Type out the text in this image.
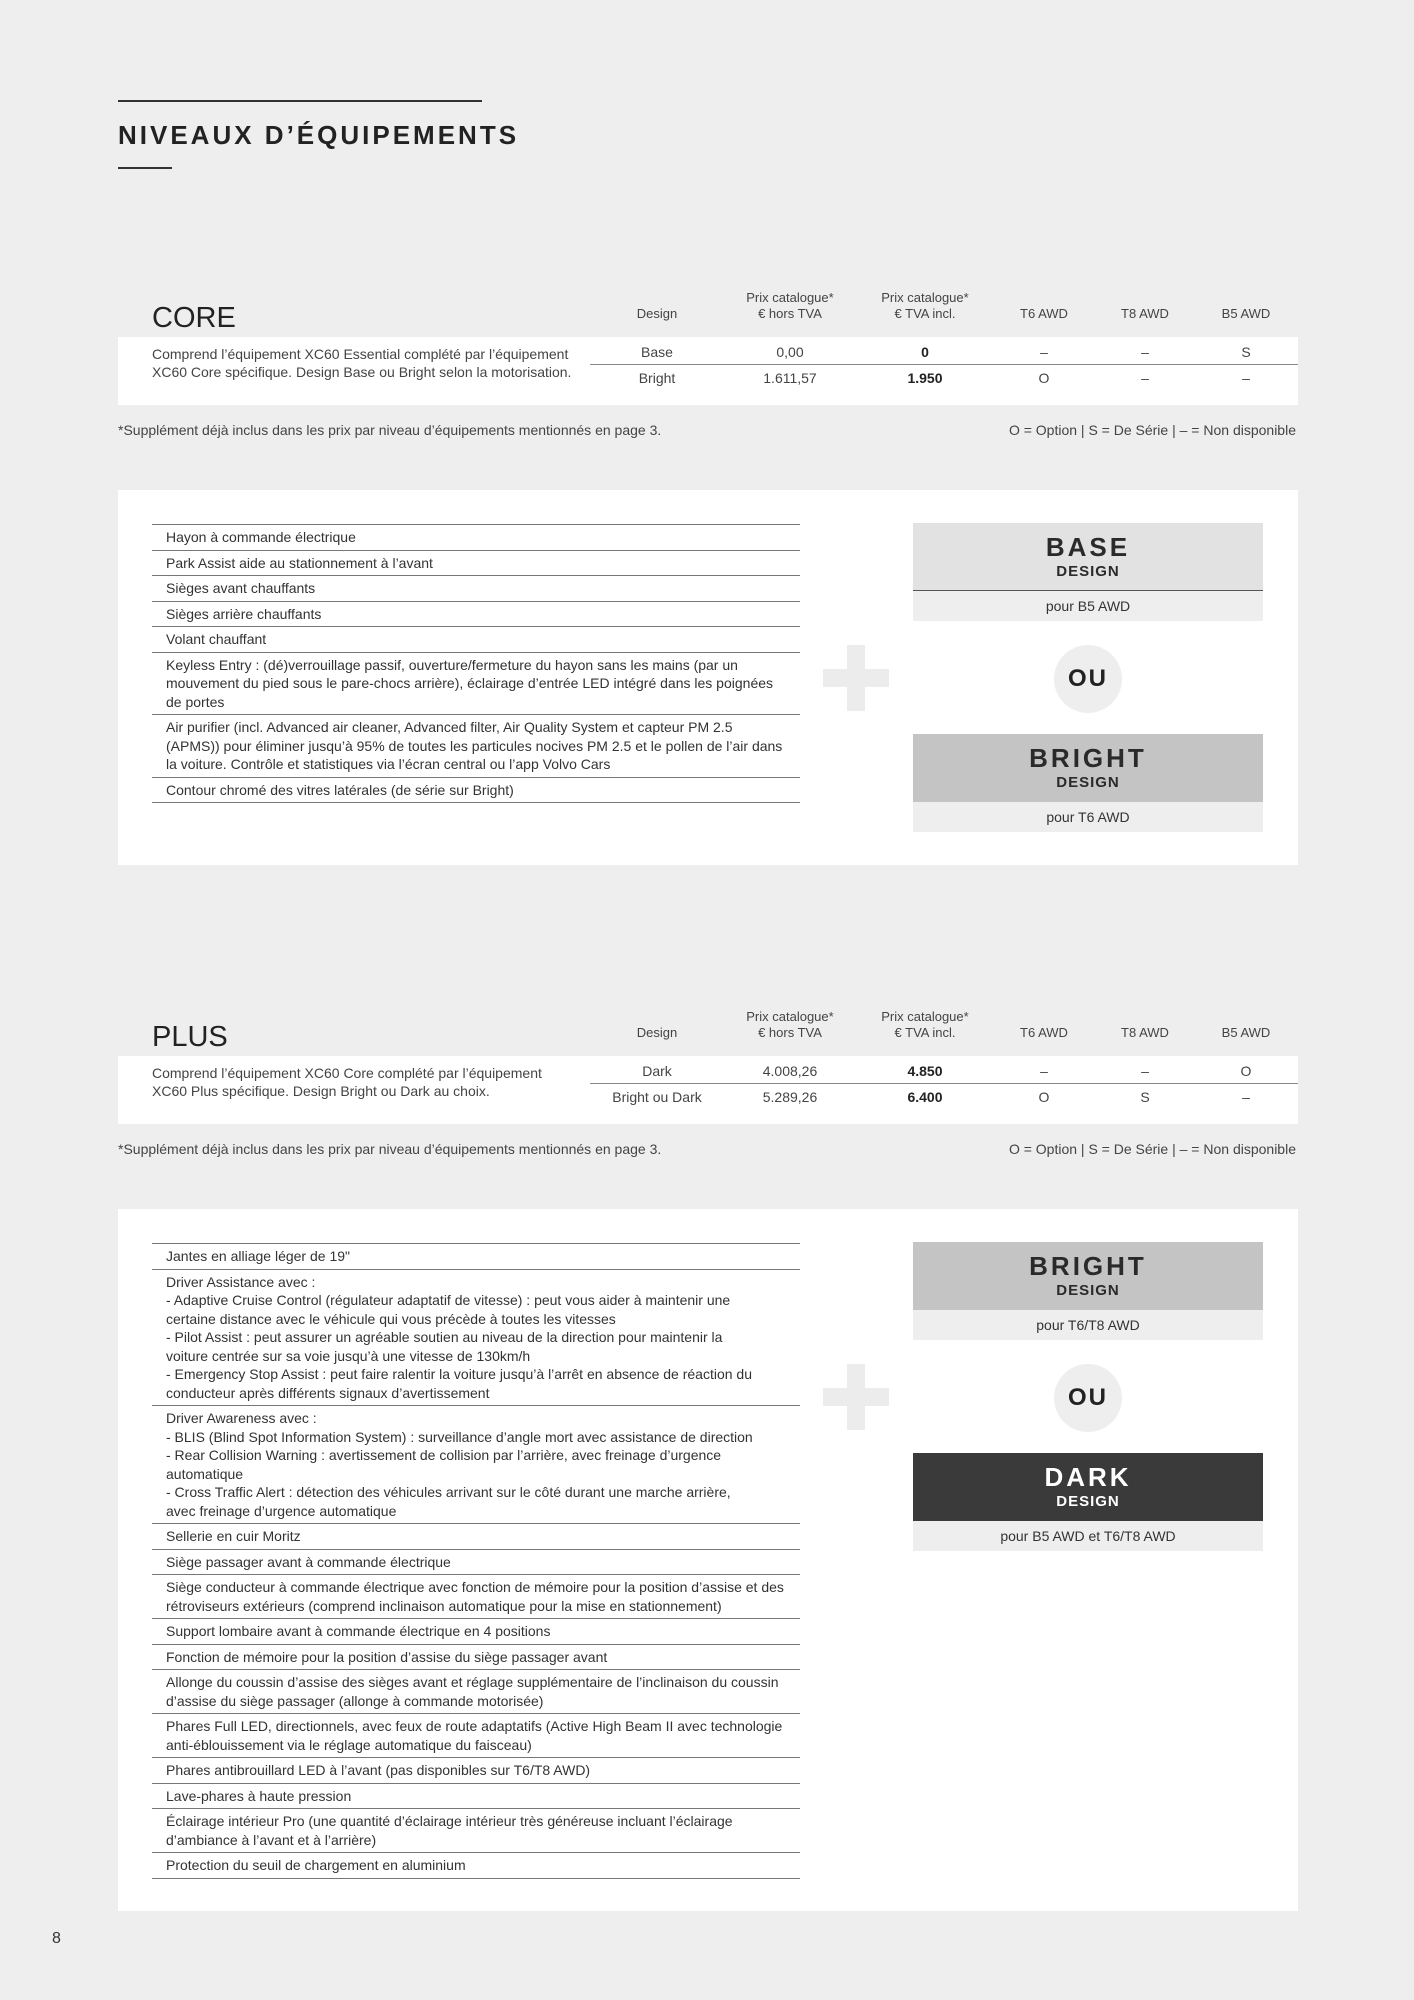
NIVEAUX D’ÉQUIPEMENTS
CORE	Design
Prix catalogue*
€ hors TVA
Prix catalogue*
€ TVA incl.	T6 AWD	T8 AWD	B5 AWD
Comprend l’équipement XC60 Essential complété par l’équipement XC60 Core spécifique. Design Base ou Bright selon la motorisation.
Base	0,00	0	–	–	S
Bright	1.611,57	1.950	O	–	–
*Supplément déjà inclus dans les prix par niveau d’équipements mentionnés en page 3.	O = Option | S = De Série | – = Non disponible
Hayon à commande électrique
Park Assist aide au stationnement à l’avant
Sièges avant chauffants
Sièges arrière chauffants
Volant chauffant
Keyless Entry : (dé)verrouillage passif, ouverture/fermeture du hayon sans les mains (par un mouvement du pied sous le pare-chocs arrière), éclairage d’entrée LED intégré dans les poignées de portes
Air purifier (incl. Advanced air cleaner, Advanced filter, Air Quality System et capteur PM 2.5 (APMS)) pour éliminer jusqu’à 95% de toutes les particules nocives PM 2.5 et le pollen de l’air dans la voiture. Contrôle et statistiques via l’écran central ou l’app Volvo Cars
Contour chromé des vitres latérales (de série sur Bright)
BASE
DESIGN
pour B5 AWD
OU
BRIGHT
DESIGN
pour T6 AWD
PLUS	Design
Prix catalogue*
€ hors TVA
Prix catalogue*
€ TVA incl.	T6 AWD	T8 AWD	B5 AWD
Comprend l’équipement XC60 Core complété par l’équipement XC60 Plus spécifique. Design Bright ou Dark au choix.
Dark	4.008,26	4.850	–	–	O
Bright ou Dark	5.289,26	6.400	O	S	–
*Supplément déjà inclus dans les prix par niveau d’équipements mentionnés en page 3.	O = Option | S = De Série | – = Non disponible
Jantes en alliage léger de 19"
Driver Assistance avec :
- Adaptive Cruise Control (régulateur adaptatif de vitesse) : peut vous aider à maintenir une
certaine distance avec le véhicule qui vous précède à toutes les vitesses
- Pilot Assist : peut assurer un agréable soutien au niveau de la direction pour maintenir la
voiture centrée sur sa voie jusqu’à une vitesse de 130km/h
- Emergency Stop Assist : peut faire ralentir la voiture jusqu’à l’arrêt en absence de réaction du
conducteur après différents signaux d’avertissement
Driver Awareness avec :
- BLIS (Blind Spot Information System) : surveillance d’angle mort avec assistance de direction
- Rear Collision Warning : avertissement de collision par l’arrière, avec freinage d’urgence
automatique
- Cross Traffic Alert : détection des véhicules arrivant sur le côté durant une marche arrière,
avec freinage d’urgence automatique
Sellerie en cuir Moritz
Siège passager avant à commande électrique
Siège conducteur à commande électrique avec fonction de mémoire pour la position d’assise et des rétroviseurs extérieurs (comprend inclinaison automatique pour la mise en stationnement)
Support lombaire avant à commande électrique en 4 positions
Fonction de mémoire pour la position d’assise du siège passager avant
Allonge du coussin d’assise des sièges avant et réglage supplémentaire de l’inclinaison du coussin d’assise du siège passager (allonge à commande motorisée)
Phares Full LED, directionnels, avec feux de route adaptatifs (Active High Beam II avec technologie anti-éblouissement via le réglage automatique du faisceau)
Phares antibrouillard LED à l’avant (pas disponibles sur T6/T8 AWD)
Lave-phares à haute pression
Éclairage intérieur Pro (une quantité d’éclairage intérieur très généreuse incluant l’éclairage d’ambiance à l’avant et à l’arrière)
Protection du seuil de chargement en aluminium
BRIGHT
DESIGN
pour T6/T8 AWD
OU
DARK
DESIGN
pour B5 AWD et T6/T8 AWD
8
